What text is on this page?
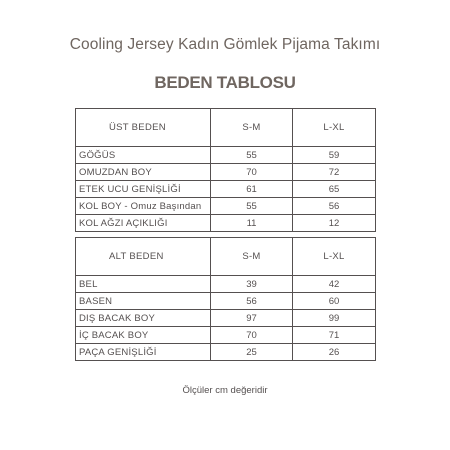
Cooling Jersey Kadın Gömlek Pijama Takımı
BEDEN TABLOSU
ÜST BEDEN	S-M	L-XL
GÖĞÜS	55	59
OMUZDAN BOY	70	72
ETEK UCU GENİŞLİĞİ	61	65
KOL BOY - Omuz Başından	55	56
KOL AĞZI AÇIKLIĞI	11	12
ALT BEDEN	S-M	L-XL
BEL	39	42
BASEN	56	60
DIŞ BACAK BOY	97	99
İÇ BACAK BOY	70	71
PAÇA GENİŞLİĞİ	25	26
Ölçüler cm değeridir
